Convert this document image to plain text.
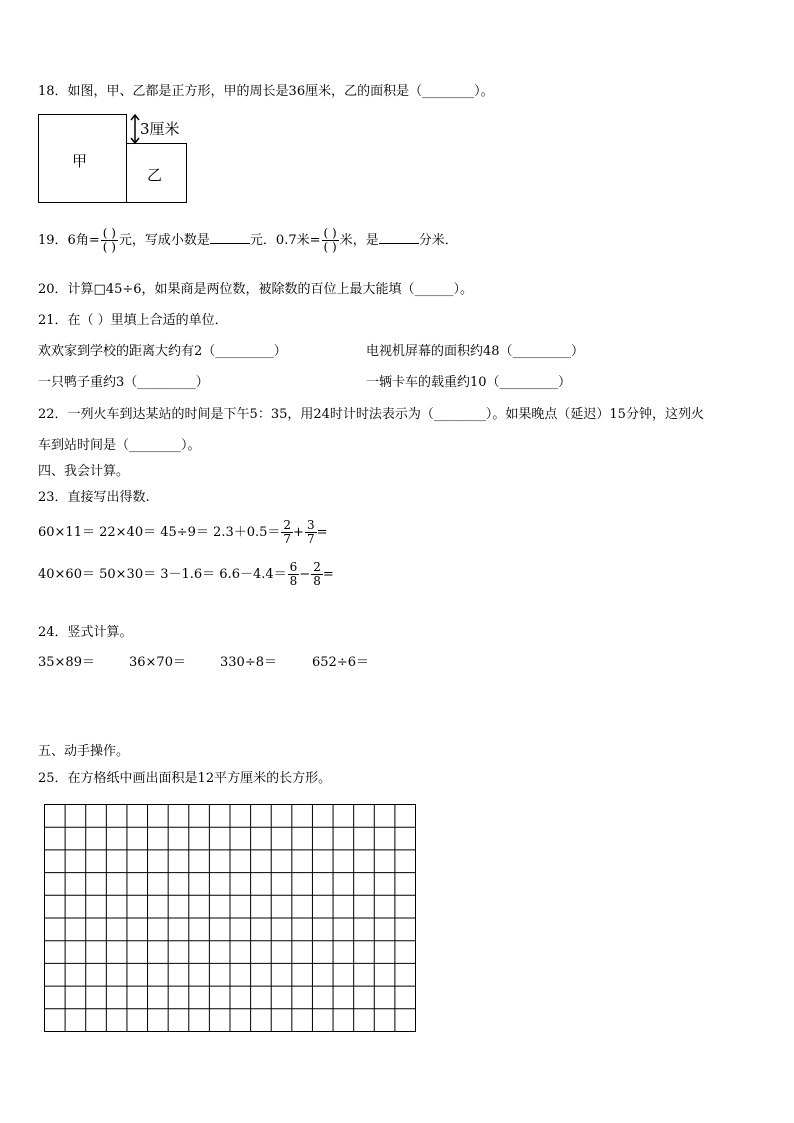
18．如图，甲、乙都是正方形，甲的周长是36厘米，乙的面积是（________）。
甲
乙
3厘米
19．6角= $\frac{( )}{( )}$ 元，写成小数是	元．0.7米= $\frac{( )}{( )}$ 米，是	分米．
20．计算□45÷6，如果商是两位数，被除数的百位上最大能填（______）。
21．在（ ）里填上合适的单位．
欢欢家到学校的距离大约有2（_________）	电视机屏幕的面积约48（_________）
一只鸭子重约3（_________）	一辆卡车的载重约10（_________）
22．一列火车到达某站的时间是下午5：35，用24时计时法表示为（________）。如果晚点（延迟）15分钟，这列火
车到站时间是（________）。
四、我会计算。
23．直接写出得数.
$60\times 11= 22\times 40= 45\div 9= 2.3+0.5= \frac{2}{7} + \frac{3}{7}$ =
$40\times 60= 50\times 30= 3-1.6= 6.6-4.4= \frac{6}{8} - \frac{2}{8}$ =
24．竖式计算。
35×89＝	36×70＝	330÷8＝	652÷6＝
五、动手操作。
25．在方格纸中画出面积是12平方厘米的长方形。
